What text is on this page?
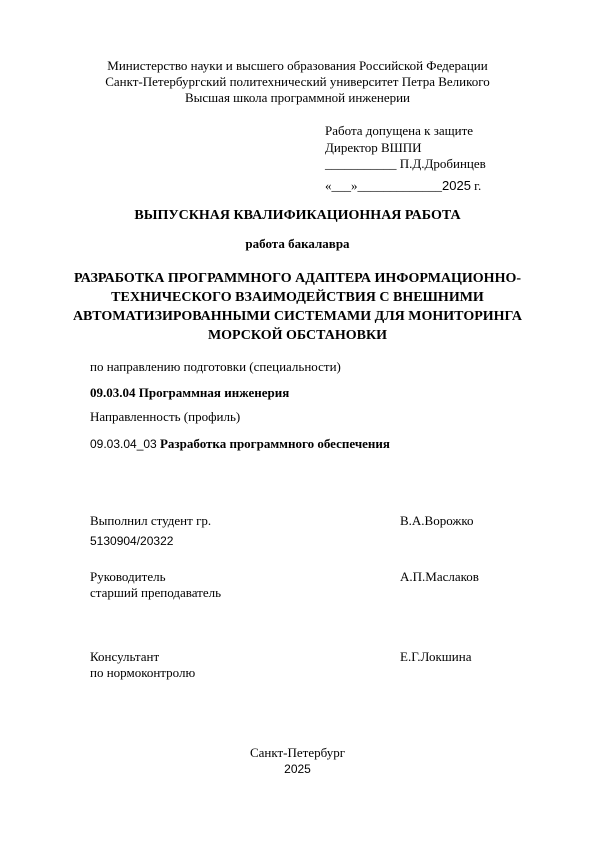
Министерство науки и высшего образования Российской Федерации
Санкт-Петербургский политехнический университет Петра Великого
Высшая школа программной инженерии
Работа допущена к защите
Директор ВШПИ
___________ П.Д.Дробинцев
«___»_____________2025 г.
ВЫПУСКНАЯ КВАЛИФИКАЦИОННАЯ РАБОТА
работа бакалавра
РАЗРАБОТКА ПРОГРАММНОГО АДАПТЕРА ИНФОРМАЦИОННО-
ТЕХНИЧЕСКОГО ВЗАИМОДЕЙСТВИЯ С ВНЕШНИМИ
АВТОМАТИЗИРОВАННЫМИ СИСТЕМАМИ ДЛЯ МОНИТОРИНГА
МОРСКОЙ ОБСТАНОВКИ
по направлению подготовки (специальности)
09.03.04 Программная инженерия
Направленность (профиль)
09.03.04_03 Разработка программного обеспечения
Выполнил студент гр.
5130904/20322
В.А.Ворожко
Руководитель
старший преподаватель
А.П.Маслаков
Консультант
по нормоконтролю
Е.Г.Локшина
Санкт-Петербург
2025
